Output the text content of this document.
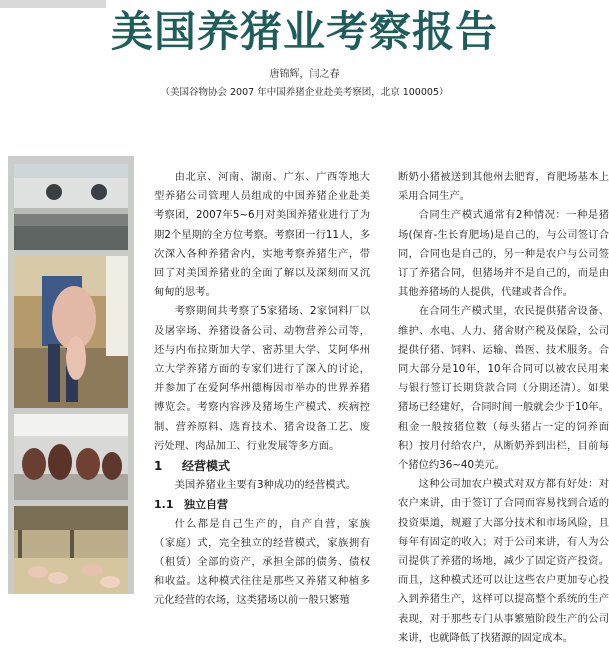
美国养猪业考察报告
唐锦辉，闫之春
（美国谷物协会 2007 年中国养猪企业赴美考察团，北京 100005）

由北京、河南、湖南、广东、广西等地大型养猪公司管理人员组成的中国养猪企业赴美考察团，2007年5~6月对美国养猪业进行了为期2个星期的全方位考察。考察团一行11人，多次深入各种养猪舍内，实地考察养猪生产，带回了对美国养猪业的全面了解以及深刻而又沉甸甸的思考。

考察期间共考察了5家猪场、2家饲料厂以及屠宰场、养猪设备公司、动物营养公司等，还与内布拉斯加大学、密苏里大学、艾阿华州立大学养猪方面的专家们进行了深入的讨论，并参加了在爱阿华州德梅因市举办的世界养猪博览会。考察内容涉及猪场生产模式、疾病控制、营养原料、选育技术、猪舍设备工艺、废污处理、肉品加工、行业发展等多方面。

1 经营模式

美国养猪业主要有3种成功的经营模式。

1.1 独立自营

什么都是自己生产的，自产自营，家族（家庭）式，完全独立的经营模式，家族拥有（租赁）全部的资产，承担全部的债务、债权和收益。这种模式往往是那些又养猪又种植多元化经营的农场，这类猪场以前一般只繁殖

断奶小猪被送到其他州去肥育，育肥场基本上采用合同生产。

合同生产模式通常有2种情况：一种是猪场(保育-生长育肥场)是自己的，与公司签订合同，合同也是自己的，另一种是农户与公司签订了养猪合同，但猪场并不是自己的，而是由其他养猪场的人提供，代建或者合作。

在合同生产模式里，农民提供猪舍设备、维护、水电、人力、猪舍财产税及保险，公司提供仔猪、饲料、运输、兽医、技术服务。合同大部分是10年，10年合同可以被农民用来与银行签订长期贷款合同（分期还清）。如果猪场已经建好，合同时间一般就会少于10年。租金一般按猪位数（每头猪占一定的饲养面积）按月付给农户，从断奶养到出栏，目前每个猪位约36~40美元。

这种公司加农户模式对双方都有好处：对农户来讲，由于签订了合同而容易找到合适的投资渠道，规避了大部分技术和市场风险，且每年有固定的收入；对于公司来讲，有人为公司提供了养猪的场地，减少了固定资产投资。而且，这种模式还可以让这些农户更加专心投入到养猪生产，这样可以提高整个系统的生产表现，对于那些专门从事繁殖阶段生产的公司来讲，也就降低了找猪源的固定成本。
